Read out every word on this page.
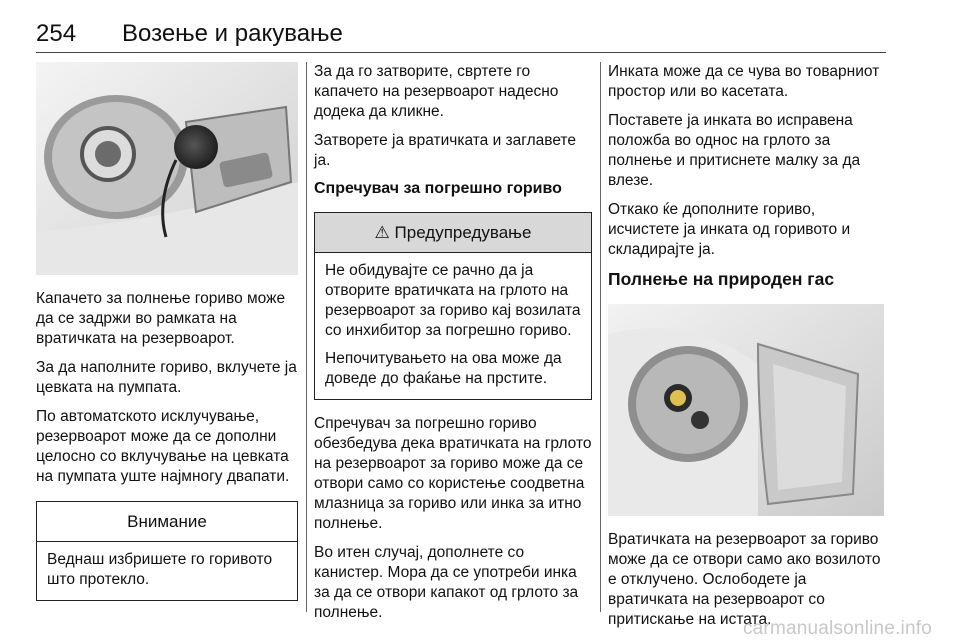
254 Возење и ракување

Капачето за полнење гориво може да се задржи во рамката на вратичката на резервоарот.

За да наполните гориво, вклучете ја цевката на пумпата.

По автоматското исклучување, резервоарот може да се дополни целосно со вклучување на цевката на пумпата уште најмногу двапати.

Внимание

Веднаш избришете го горивото што протекло.

За да го затворите, свртете го капачето на резервоарот надесно додека да кликне.

Затворете ја вратичката и заглавете ја.

Спречувач за погрешно гориво
⚠ Предупредување

Не обидувајте се рачно да ја отворите вратичката на грлото на резервоарот за гориво кај возилата со инхибитор за погрешно гориво.

Непочитувањето на ова може да доведе до фаќање на прстите.

Спречувач за погрешно гориво обезбедува дека вратичката на грлото на резервоарот за гориво може да се отвори само со користење соодветна млазница за гориво или инка за итно полнење.

Во итен случај, дополнете со канистер. Мора да се употреби инка за да се отвори капакот од грлото за полнење.

Инката може да се чува во товарниот простор или во касетата.

Поставете ја инката во исправена положба во однос на грлото за полнење и притиснете малку за да влезе.

Откако ќе дополните гориво, исчистете ја инката од горивото и складирајте ја.

Полнење на природен гас

Вратичката на резервоарот за гориво може да се отвори само ако возилото е отклучено. Ослободете ја вратичката на резервоарот со притискање на истата.

carmanualsonline.info
